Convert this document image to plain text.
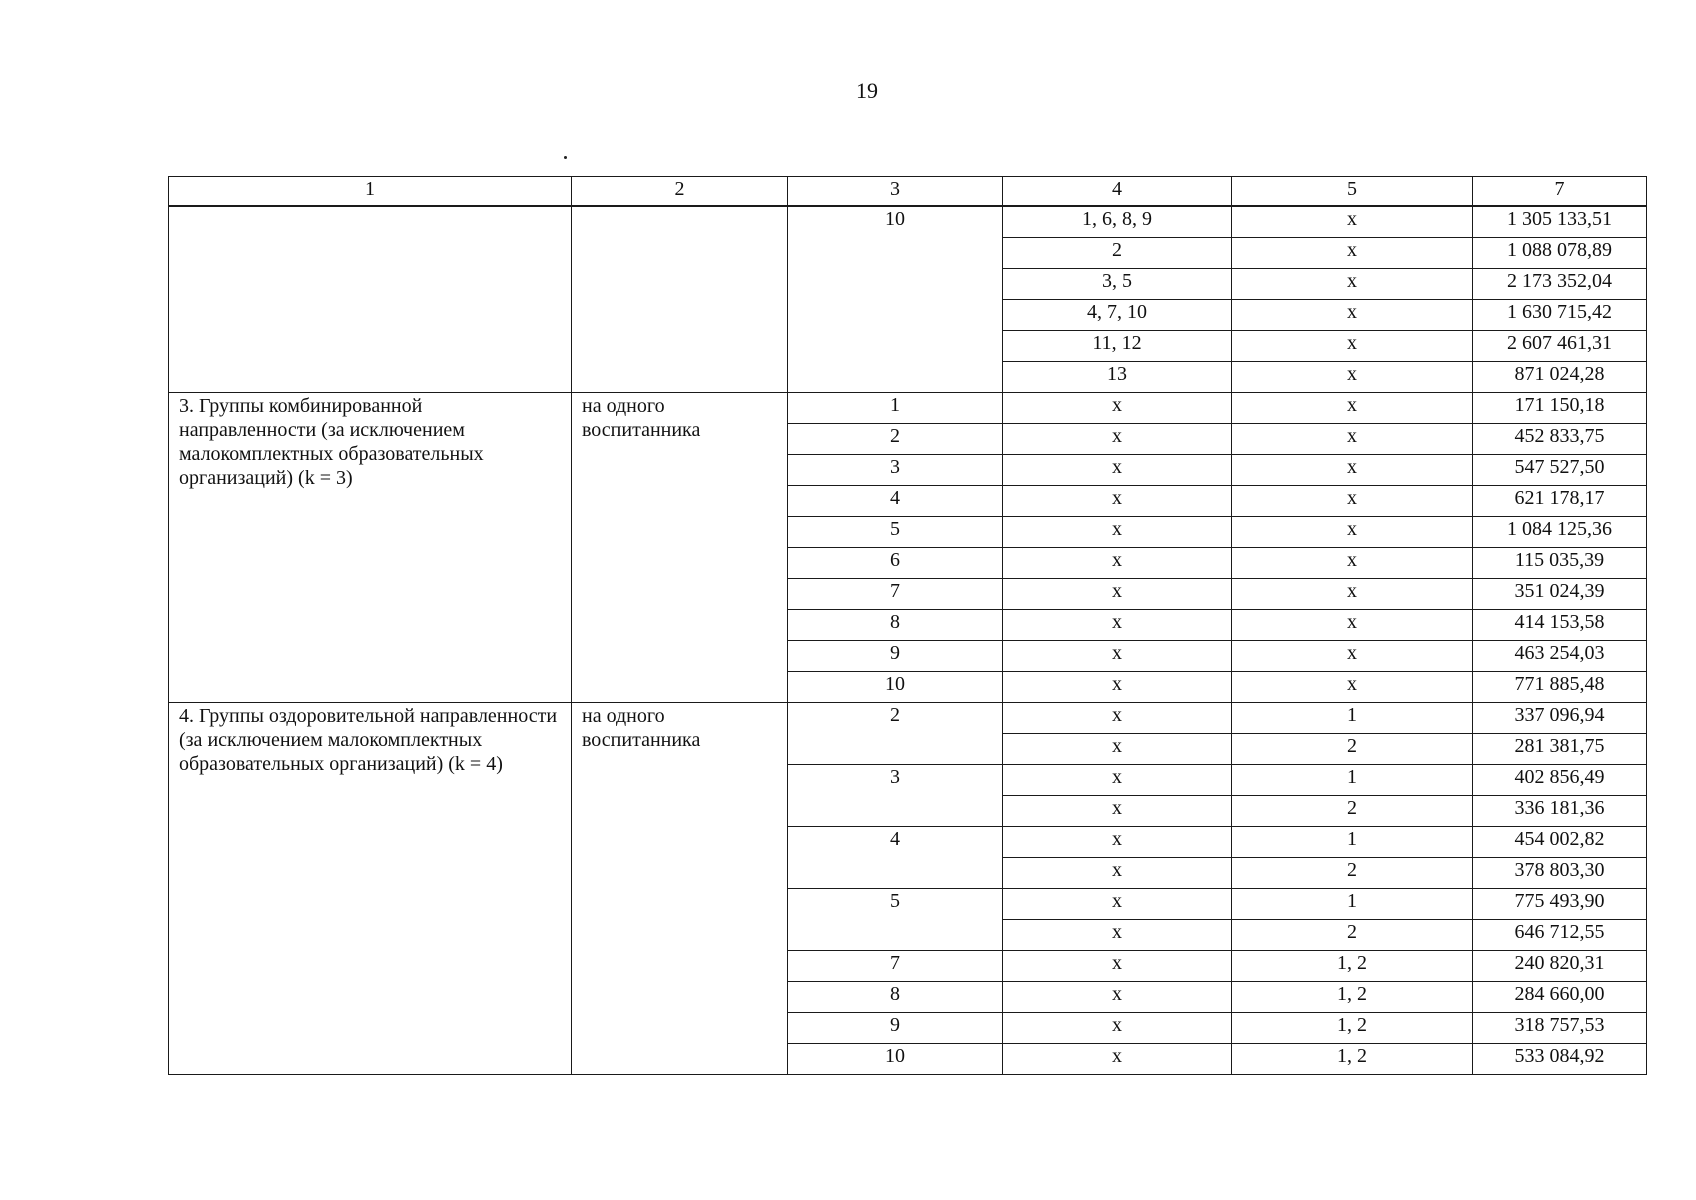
19
1	2	3	4	5	7
		10	1, 6, 8, 9	х	1 305 133,51
			2	х	1 088 078,89
			3, 5	х	2 173 352,04
			4, 7, 10	х	1 630 715,42
			11, 12	х	2 607 461,31
			13	х	871 024,28
3. Группы комбинированной направленности (за исключением малокомплектных образовательных организаций) (k = 3)	на одного воспитанника	1	х	х	171 150,18
		2	х	х	452 833,75
		3	х	х	547 527,50
		4	х	х	621 178,17
		5	х	х	1 084 125,36
		6	х	х	115 035,39
		7	х	х	351 024,39
		8	х	х	414 153,58
		9	х	х	463 254,03
		10	х	х	771 885,48
4. Группы оздоровительной направленности (за исключением малокомплектных образовательных организаций) (k = 4)	на одного воспитанника	2	х	1	337 096,94
			х	2	281 381,75
		3	х	1	402 856,49
			х	2	336 181,36
		4	х	1	454 002,82
			х	2	378 803,30
		5	х	1	775 493,90
			х	2	646 712,55
		7	х	1, 2	240 820,31
		8	х	1, 2	284 660,00
		9	х	1, 2	318 757,53
		10	х	1, 2	533 084,92
